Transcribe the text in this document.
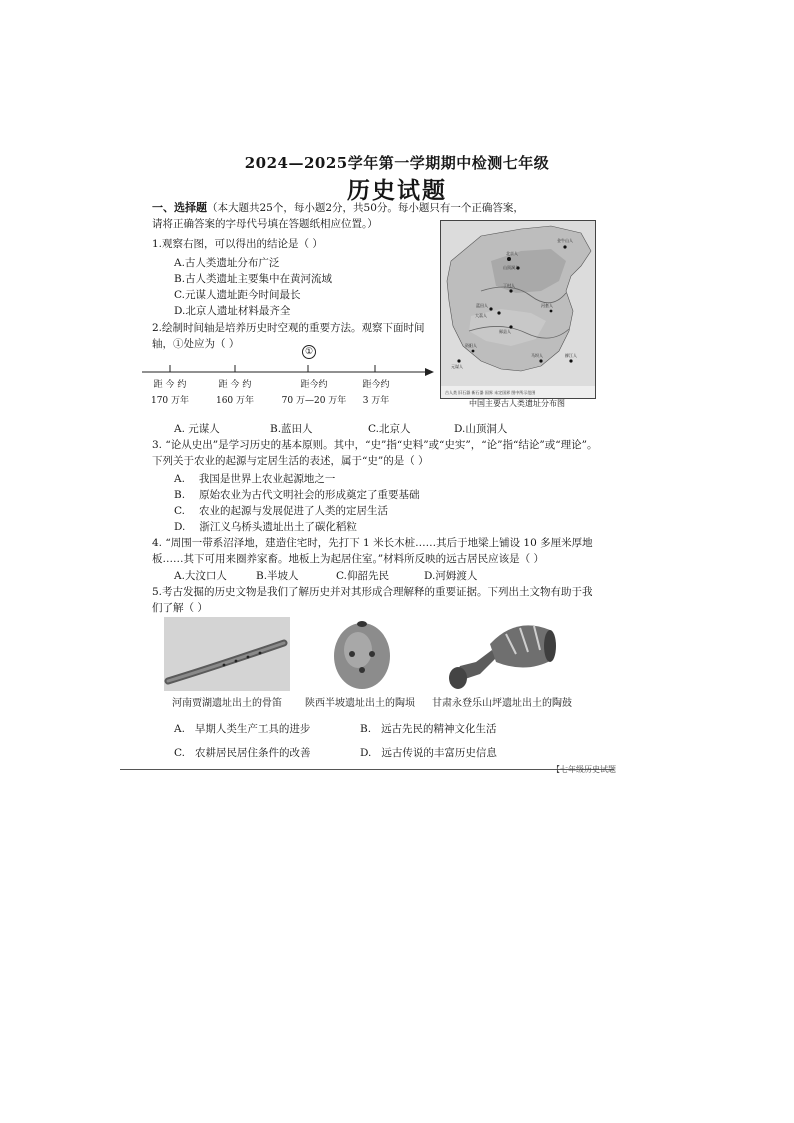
2024—2025学年第一学期期中检测七年级
历史试题
一、选择题（本大题共25个，每小题2分，共50分。每小题只有一个正确答案，
请将正确答案的字母代号填在答题纸相应位置。）
1.观察右图，可以得出的结论是（ ）
A.古人类遗址分布广泛
B.古人类遗址主要集中在黄河流域
C.元谋人遗址距今时间最长
D.北京人遗址材料最齐全
北京人
山顶洞人
金牛山人
丁村人
蓝田人
大荔人
郧县人
马坝人
元谋人
柳江人
资阳人
河套人
古人类 旧石器 新石器 国界 未定国界 图中所示范围
中国主要古人类遗址分布图
2.绘制时间轴是培养历史时空观的重要方法。观察下面时间
轴，①处应为（ ）
①
距 今 约
170 万年
距 今 约
160 万年
距今约
70 万—20 万年
距今约
3 万年
A. 元谋人	B.蓝田人	C.北京人	D.山顶洞人
3. “论从史出”是学习历史的基本原则。其中，“史”指“史料”或“史实”，“论”指“结论”或“理论”。
下列关于农业的起源与定居生活的表述，属于“史”的是（ ）
A. 我国是世界上农业起源地之一
B. 原始农业为古代文明社会的形成奠定了重要基础
C. 农业的起源与发展促进了人类的定居生活
D. 浙江义乌桥头遗址出土了碳化稻粒
4. “周围一带系沼泽地，建造住宅时，先打下 1 米长木桩……其后于地梁上铺设 10 多厘米厚地
板……其下可用来圈养家畜。地板上为起居住室。”材料所反映的远古居民应该是（ ）
A.大汶口人	B.半坡人	C.仰韶先民	D.河姆渡人
5.考古发掘的历史文物是我们了解历史并对其形成合理解释的重要证据。下列出土文物有助于我
们了解（ ）
河南贾湖遗址出土的骨笛	陕西半坡遗址出土的陶埙	甘肃永登乐山坪遗址出土的陶鼓
A. 早期人类生产工具的进步	B. 远古先民的精神文化生活
C. 农耕居民居住条件的改善	D. 远古传说的丰富历史信息
【七年级历史试题
